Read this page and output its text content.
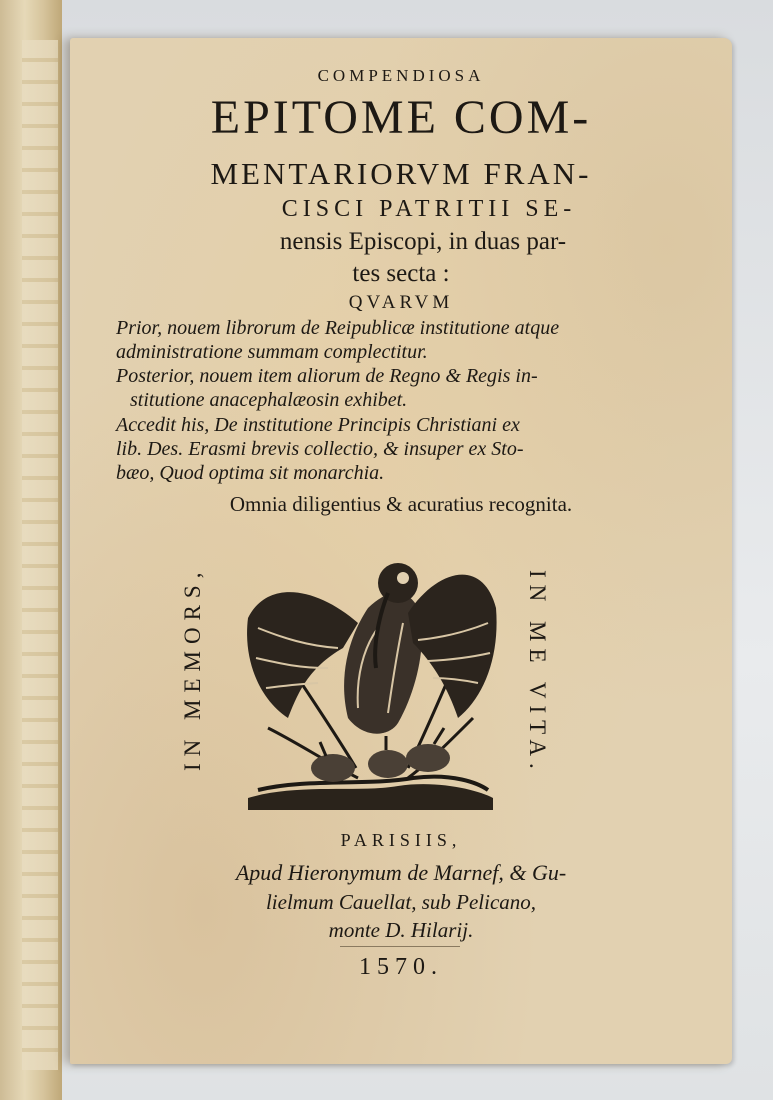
COMPENDIOSA
EPITOME COM-
MENTARIORVM FRAN-
CISCI PATRITII SE-
nensis Episcopi, in duas par-
tes secta :
QVARVM
Prior, nouem librorum de Reipublicæ institutione atque
administratione summam complectitur.
Posterior, nouem item aliorum de Regno & Regis in-
stitutione anacephalæosin exhibet.
Accedit his, De institutione Principis Christiani ex
lib. Des. Erasmi brevis collectio, & insuper ex Sto-
bæo, Quod optima sit monarchia.
Omnia diligentius & acuratius recognita.
IN MEMORS,	IN ME VITA.
PARISIIS,
Apud Hieronymum de Marnef, & Gu-
lielmum Cauellat, sub Pelicano,
monte D. Hilarij.
1570.
